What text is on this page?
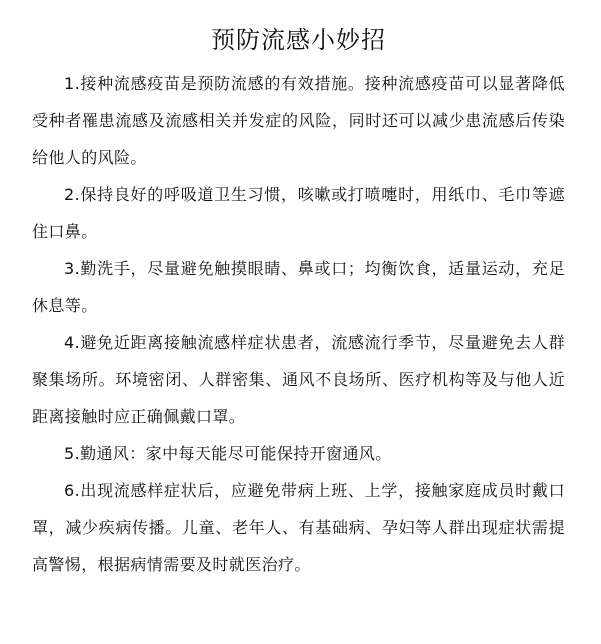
预防流感小妙招

1.接种流感疫苗是预防流感的有效措施。接种流感疫苗可以显著降低受种者罹患流感及流感相关并发症的风险，同时还可以减少患流感后传染给他人的风险。

2.保持良好的呼吸道卫生习惯，咳嗽或打喷嚏时，用纸巾、毛巾等遮住口鼻。

3.勤洗手，尽量避免触摸眼睛、鼻或口；均衡饮食，适量运动，充足休息等。

4.避免近距离接触流感样症状患者，流感流行季节，尽量避免去人群聚集场所。环境密闭、人群密集、通风不良场所、医疗机构等及与他人近距离接触时应正确佩戴口罩。

5.勤通风：家中每天能尽可能保持开窗通风。

6.出现流感样症状后，应避免带病上班、上学，接触家庭成员时戴口罩，减少疾病传播。儿童、老年人、有基础病、孕妇等人群出现症状需提高警惕，根据病情需要及时就医治疗。
